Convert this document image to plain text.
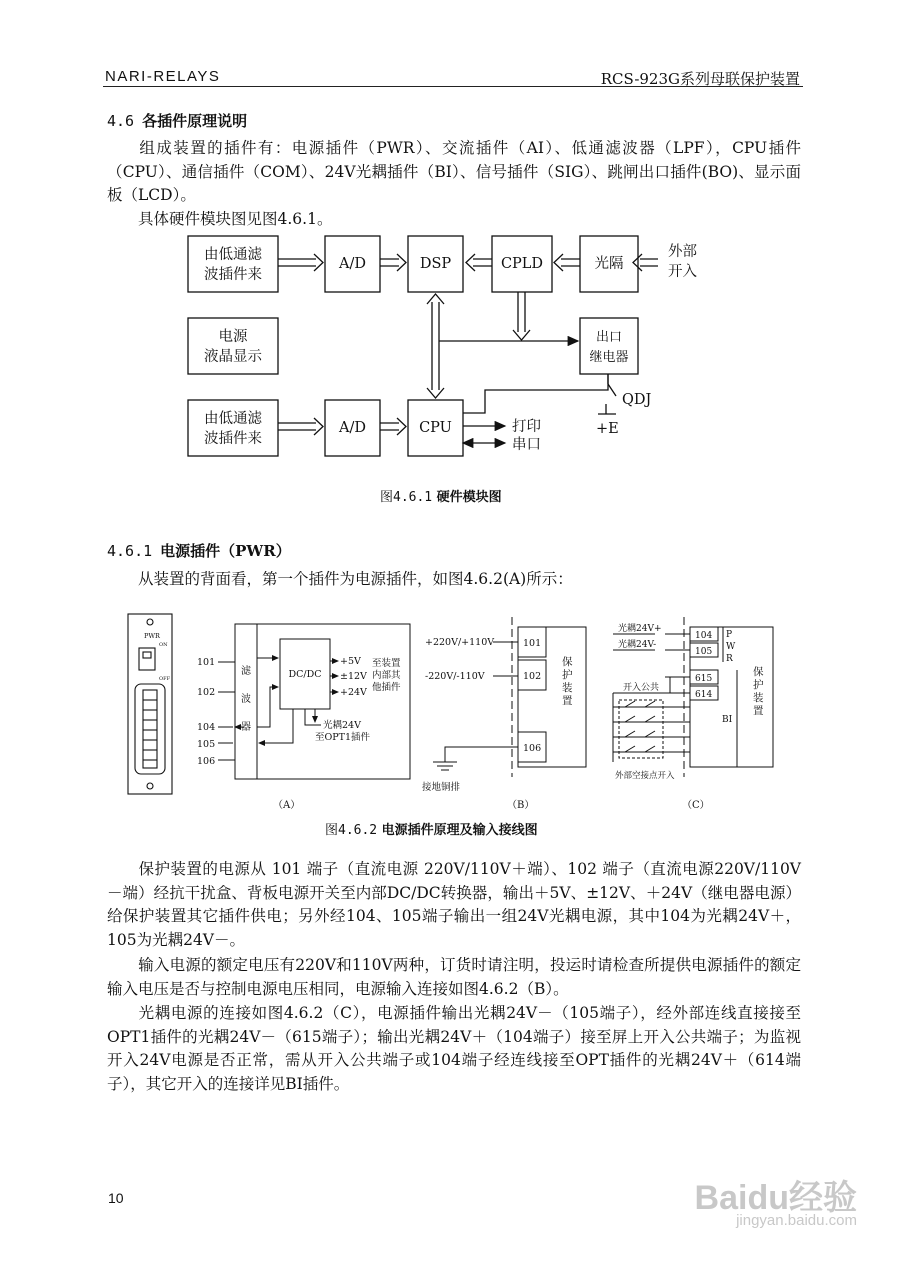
NARI-RELAYS	RCS-923G系列母联保护装置
4.6 各插件原理说明
组成装置的插件有：电源插件（PWR）、交流插件（AI）、低通滤波器（LPF），CPU插件（CPU）、通信插件（COM）、24V光耦插件（BI）、信号插件（SIG）、跳闸出口插件(BO)、显示面板（LCD）。
具体硬件模块图见图4.6.1。
由低通滤
波插件来
A/D	DSP	CPLD	光隔
外部
开入
电源
液晶显示
出口
继电器
QDJ
+E
由低通滤
波插件来
A/D	CPU	打印
串口
图4.6.1 硬件模块图
4.6.1 电源插件（PWR）
从装置的背面看，第一个插件为电源插件，如图4.6.2(A)所示：
PWR
ON
OFF
101
102
104
105
106
滤
波
器
DC/DC
+5V
±12V
+24V
至装置
内部其
他插件
光耦24V
至OPT1插件
+220V/+110V
-220V/-110V
101
102
106
保
护
装
置
接地铜排
光耦24V+
光耦24V-
开入公共
104
105
615
614
P
W
R
BI
保
护
装
置
外部空接点开入
（A）	（B）	（C）
图4.6.2 电源插件原理及输入接线图
保护装置的电源从 101 端子（直流电源 220V/110V＋端）、102 端子（直流电源220V/110V－端）经抗干扰盒、背板电源开关至内部DC/DC转换器，输出＋5V、±12V、＋24V（继电器电源）给保护装置其它插件供电；另外经104、105端子输出一组24V光耦电源，其中104为光耦24V＋，105为光耦24V－。
输入电源的额定电压有220V和110V两种，订货时请注明，投运时请检查所提供电源插件的额定输入电压是否与控制电源电压相同，电源输入连接如图4.6.2（B）。
光耦电源的连接如图4.6.2（C），电源插件输出光耦24V－（105端子），经外部连线直接接至OPT1插件的光耦24V－（615端子）；输出光耦24V＋（104端子）接至屏上开入公共端子；为监视开入24V电源是否正常，需从开入公共端子或104端子经连线接至OPT插件的光耦24V＋（614端子），其它开入的连接详见BI插件。
10	Baidu经验
jingyan.baidu.com
